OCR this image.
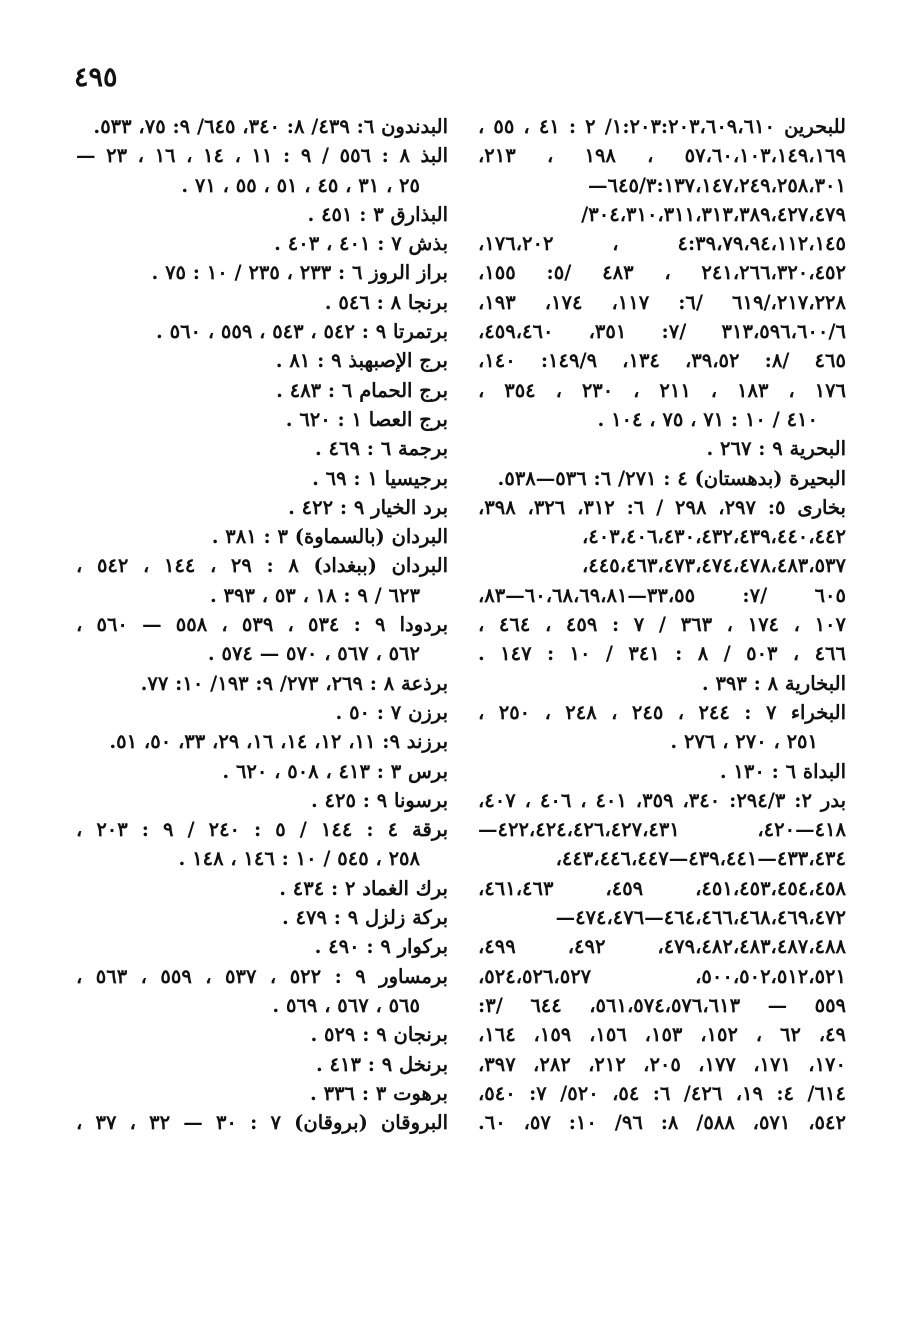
٤٩٥
للبحرين ١:٢٠٣:٢٠٣،٦٠٩،٦١٠/ ٢ : ٤١ ، ٥٥ ،
٥٧،٦٠،١٠٣،١٤٩،١٦٩ ، ١٩٨ ، ٢١٣،
٦٤٥/٣:١٣٧،١٤٧،٢٤٩،٢٥٨،٣٠١—
٣٠٤،٣١٠،٣١١،٣١٣،٣٨٩،٤٢٧،٤٧٩/
٤:٣٩،٧٩،٩٤،١١٢،١٤٥ ، ١٧٦،٢٠٢،
٢٤١،٢٦٦،٣٢٠،٤٥٢ ، ٤٨٣ /٥: ١٥٥،
٢١٧،٢٢٨،/٦١٩ /٦: ١١٧، ١٧٤، ١٩٣،
٣١٣،٥٩٦،٦٠٠/٦ /٧: ٣٥١، ٤٥٩،٤٦٠،
٤٦٥ /٨: ٣٩،٥٢، ١٣٤، ١٤٩/٩: ١٤٠،
١٧٦ ، ١٨٣ ، ٢١١ ، ٢٣٠ ، ٣٥٤ ،
٤١٠ / ١٠ : ٧١ ، ٧٥ ، ١٠٤ .
البحرية ٩ : ٢٦٧ .
البحيرة (بدهستان) ٤ : ٢٧١/ ٦: ٥٣٦—٥٣٨.
بخارى ٥: ٢٩٧، ٢٩٨ / ٦: ٣١٢، ٣٢٦، ٣٩٨،
٤٠٣،٤٠٦،٤٣٠،٤٣٢،٤٣٩،٤٤٠،٤٤٢،
٤٤٥،٤٦٣،٤٧٣،٤٧٤،٤٧٨،٤٨٣،٥٣٧،
٦٠٥ /٧: ٣٣،٥٥—٦٠،٦٨،٦٩،٨١—٨٣،
١٠٧ ، ١٧٤ ، ٣٦٣ / ٧ : ٤٥٩ ، ٤٦٤ ،
٤٦٦ ، ٥٠٣ / ٨ : ٣٤١ / ١٠ : ١٤٧ .
البخارية ٨ : ٣٩٣ .
البخراء ٧ : ٢٤٤ ، ٢٤٥ ، ٢٤٨ ، ٢٥٠ ،
٢٥١ ، ٢٧٠ ، ٢٧٦ .
البداة ٦ : ١٣٠ .
بدر ٢: ٢٩٤/٣: ٣٤٠، ٣٥٩، ٤٠١ ، ٤٠٦ ، ٤٠٧،
٤١٨—٤٢٠، ٤٢٢،٤٢٤،٤٢٦،٤٢٧،٤٣١—
٤٣٣،٤٣٤—٤٣٩،٤٤١—٤٤٣،٤٤٦،٤٤٧،
٤٥١،٤٥٣،٤٥٤،٤٥٨، ٤٥٩، ٤٦١،٤٦٣،
٤٦٤،٤٦٦،٤٦٨،٤٦٩،٤٧٢—٤٧٤،٤٧٦—
٤٧٩،٤٨٢،٤٨٣،٤٨٧،٤٨٨، ٤٩٢، ٤٩٩،
٥٠٠،٥٠٢،٥١٢،٥٢١، ٥٢٤،٥٢٦،٥٢٧،
٥٥٩ — ٥٦١،٥٧٤،٥٧٦،٦١٣، ٦٤٤ /٣:
٤٩، ٦٢ ، ١٥٢، ١٥٣، ١٥٦، ١٥٩، ١٦٤،
١٧٠، ١٧١، ١٧٧، ٢٠٥، ٢١٢، ٢٨٢، ٣٩٧،
٦١٤/ ٤: ١٩، ٤٢٦/ ٦: ٥٤، ٥٢٠/ ٧: ٥٤٠،
٥٤٢، ٥٧١، ٥٨٨/ ٨: ٩٦/ ١٠: ٥٧، ٦٠.
البدندون ٦: ٤٣٩/ ٨: ٣٤٠، ٦٤٥/ ٩: ٧٥، ٥٣٣.
البذ ٨ : ٥٥٦ / ٩ : ١١ ، ١٤ ، ١٦ ، ٢٣ —
٢٥ ، ٣١ ، ٤٥ ، ٥١ ، ٥٥ ، ٧١ .
البذارق ٣ : ٤٥١ .
بذش ٧ : ٤٠١ ، ٤٠٣ .
براز الروز ٦ : ٢٣٣ ، ٢٣٥ / ١٠ : ٧٥ .
برنجا ٨ : ٥٤٦ .
برتمرتا ٩ : ٥٤٢ ، ٥٤٣ ، ٥٥٩ ، ٥٦٠ .
برج الإصبهبذ ٩ : ٨١ .
برج الحمام ٦ : ٤٨٣ .
برج العصا ١ : ٦٢٠ .
برجمة ٦ : ٤٦٩ .
برجيسيا ١ : ٦٩ .
برد الخيار ٩ : ٤٢٢ .
البردان (بالسماوة) ٣ : ٣٨١ .
البردان (ببغداد) ٨ : ٢٩ ، ١٤٤ ، ٥٤٢ ،
٦٢٣ / ٩ : ١٨ ، ٥٣ ، ٣٩٣ .
بردودا ٩ : ٥٣٤ ، ٥٣٩ ، ٥٥٨ — ٥٦٠ ،
٥٦٢ ، ٥٦٧ ، ٥٧٠ — ٥٧٤ .
برذعة ٨ : ٢٦٩، ٢٧٣/ ٩: ١٩٣/ ١٠: ٧٧.
برزن ٧ : ٥٠ .
برزند ٩: ١١، ١٢، ١٤، ١٦، ٢٩، ٣٣، ٥٠، ٥١.
برس ٣ : ٤١٣ ، ٥٠٨ ، ٦٢٠ .
برسونا ٩ : ٤٢٥ .
برقة ٤ : ١٤٤ / ٥ : ٢٤٠ / ٩ : ٢٠٣ ،
٢٥٨ ، ٥٤٥ / ١٠ : ١٤٦ ، ١٤٨ .
برك الغماد ٢ : ٤٣٤ .
بركة زلزل ٩ : ٤٧٩ .
بركوار ٩ : ٤٩٠ .
برمساور ٩ : ٥٢٢ ، ٥٣٧ ، ٥٥٩ ، ٥٦٣ ،
٥٦٥ ، ٥٦٧ ، ٥٦٩ .
برنجان ٩ : ٥٢٩ .
برنخل ٩ : ٤١٣ .
برهوت ٣ : ٣٣٦ .
البروقان (بروقان) ٧ : ٣٠ — ٣٢ ، ٣٧ ،
